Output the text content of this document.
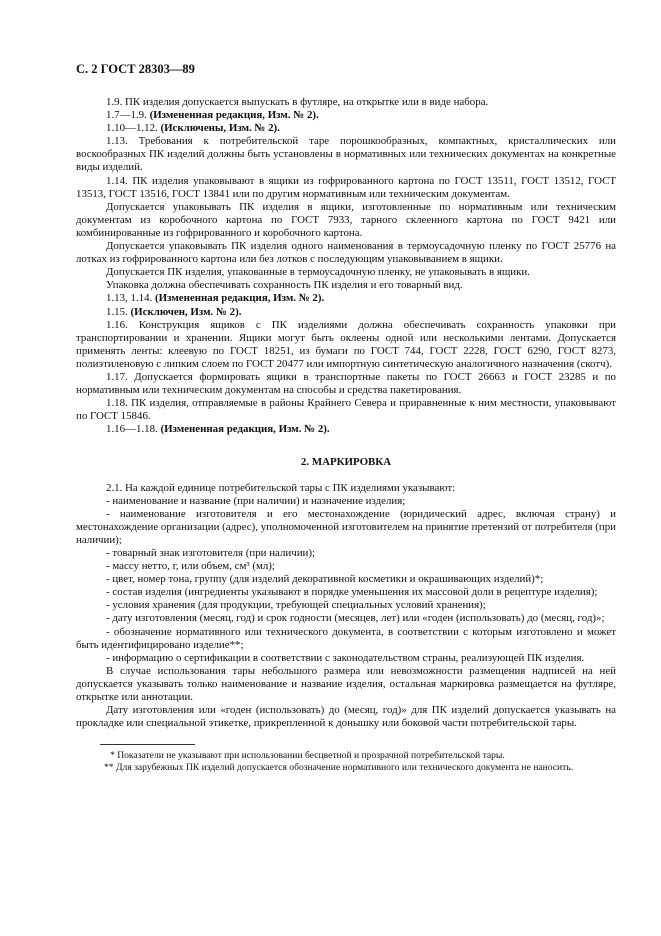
С. 2 ГОСТ 28303—89

1.9. ПК изделия допускается выпускать в футляре, на открытке или в виде набора.

1.7—1.9. (Измененная редакция, Изм. № 2).

1.10—1.12. (Исключены, Изм. № 2).

1.13. Требования к потребительской таре порошкообразных, компактных, кристаллических или воскообразных ПК изделий должны быть установлены в нормативных или технических документах на конкретные виды изделий.

1.14. ПК изделия упаковывают в ящики из гофрированного картона по ГОСТ 13511, ГОСТ 13512, ГОСТ 13513, ГОСТ 13516, ГОСТ 13841 или по другим нормативным или техническим документам.

Допускается упаковывать ПК изделия в ящики, изготовленные по нормативным или техническим документам из коробочного картона по ГОСТ 7933, тарного склеенного картона по ГОСТ 9421 или комбинированные из гофрированного и коробочного картона.

Допускается упаковывать ПК изделия одного наименования в термоусадочную пленку по ГОСТ 25776 на лотках из гофрированного картона или без лотков с последующим упаковыванием в ящики.

Допускается ПК изделия, упакованные в термоусадочную пленку, не упаковывать в ящики.

Упаковка должна обеспечивать сохранность ПК изделия и его товарный вид.

1.13, 1.14. (Измененная редакция, Изм. № 2).

1.15. (Исключен, Изм. № 2).

1.16. Конструкция ящиков с ПК изделиями должна обеспечивать сохранность упаковки при транспортировании и хранении. Ящики могут быть оклеены одной или несколькими лентами. Допускается применять ленты: клеевую по ГОСТ 18251, из бумаги по ГОСТ 744, ГОСТ 2228, ГОСТ 6290, ГОСТ 8273, полиэтиленовую с липким слоем по ГОСТ 20477 или импортную синтетическую аналогичного назначения (скотч).

1.17. Допускается формировать ящики в транспортные пакеты по ГОСТ 26663 и ГОСТ 23285 и по нормативным или техническим документам на способы и средства пакетирования.

1.18. ПК изделия, отправляемые в районы Крайнего Севера и приравненные к ним местности, упаковывают по ГОСТ 15846.

1.16—1.18. (Измененная редакция, Изм. № 2).

2. МАРКИРОВКА

2.1. На каждой единице потребительской тары с ПК изделиями указывают:

- наименование и название (при наличии) и назначение изделия;

- наименование изготовителя и его местонахождение (юридический адрес, включая страну) и местонахождение организации (адрес), уполномоченной изготовителем на принятие претензий от потребителя (при наличии);

- товарный знак изготовителя (при наличии);

- массу нетто, г, или объем, см³ (мл);

- цвет, номер тона, группу (для изделий декоративной косметики и окрашивающих изделий)*;

- состав изделия (ингредиенты указывают в порядке уменьшения их массовой доли в рецептуре изделия);

- условия хранения (для продукции, требующей специальных условий хранения);

- дату изготовления (месяц, год) и срок годности (месяцев, лет) или «годен (использовать) до (месяц, год)»;

- обозначение нормативного или технического документа, в соответствии с которым изготовлено и может быть идентифицировано изделие**;

- информацию о сертификации в соответствии с законодательством страны, реализующей ПК изделия.

В случае использования тары небольшого размера или невозможности размещения надписей на ней допускается указывать только наименование и название изделия, остальная маркировка размещается на футляре, открытке или аннотации.

Дату изготовления или «годен (использовать) до (месяц, год)» для ПК изделий допускается указывать на прокладке или специальной этикетке, прикрепленной к донышку или боковой части потребительской тары.

* Показатели не указывают при использовании бесцветной и прозрачной потребительской тары.

** Для зарубежных ПК изделий допускается обозначение нормативного или технического документа не наносить.
